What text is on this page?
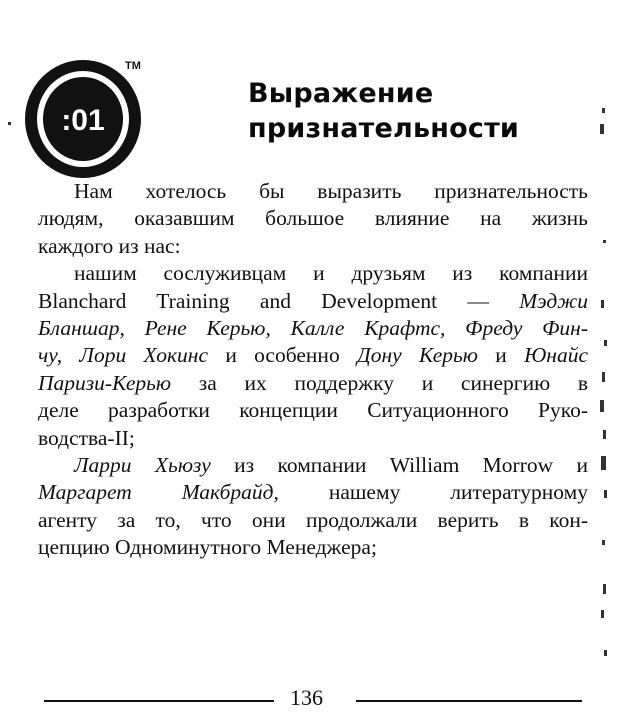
:01
TM
Выражение
признательности
Нам хотелось бы выразить признательность
людям, оказавшим большое влияние на жизнь
каждого из нас:
нашим сослуживцам и друзьям из компании
Blanchard Training and Development — Мэджи
Бланшар, Рене Керью, Калле Крафтс, Фреду Фин-
чу, Лори Хокинс и особенно Дону Керью и Юнайс
Паризи-Керью за их поддержку и синергию в
деле разработки концепции Ситуационного Руко-
водства-II;
Ларри Хьюзу из компании William Morrow и
Маргарет Макбрайд, нашему литературному
агенту за то, что они продолжали верить в кон-
цепцию Одноминутного Менеджера;
136
